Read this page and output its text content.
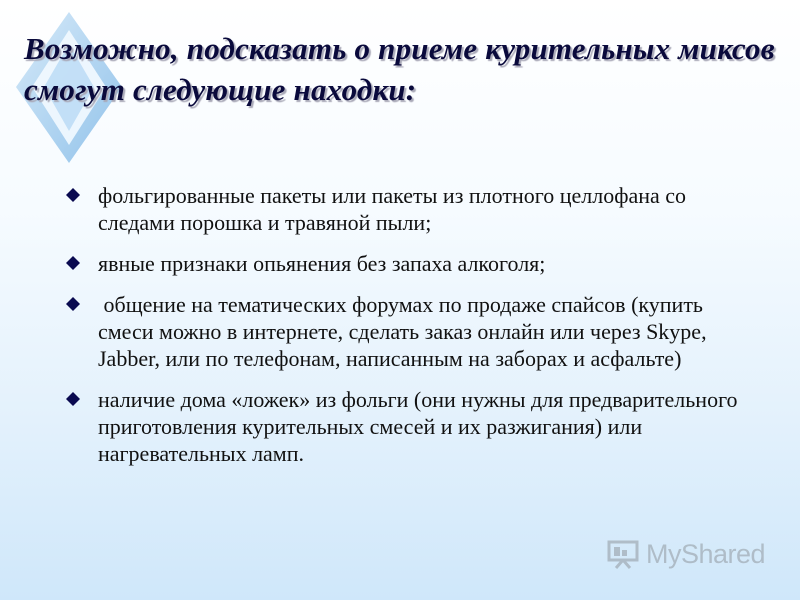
Возможно, подсказать о приеме курительных миксов смогут следующие находки:
фольгированные пакеты или пакеты из плотного целлофана со следами порошка и травяной пыли;
явные признаки опьянения без запаха алкоголя;
общение на тематических форумах по продаже спайсов (купить смеси можно в интернете, сделать заказ онлайн или через Skype, Jabber, или по телефонам, написанным на заборах и асфальте)
наличие дома «ложек» из фольги (они нужны для предварительного приготовления курительных смесей и их разжигания) или нагревательных ламп.
MyShared
